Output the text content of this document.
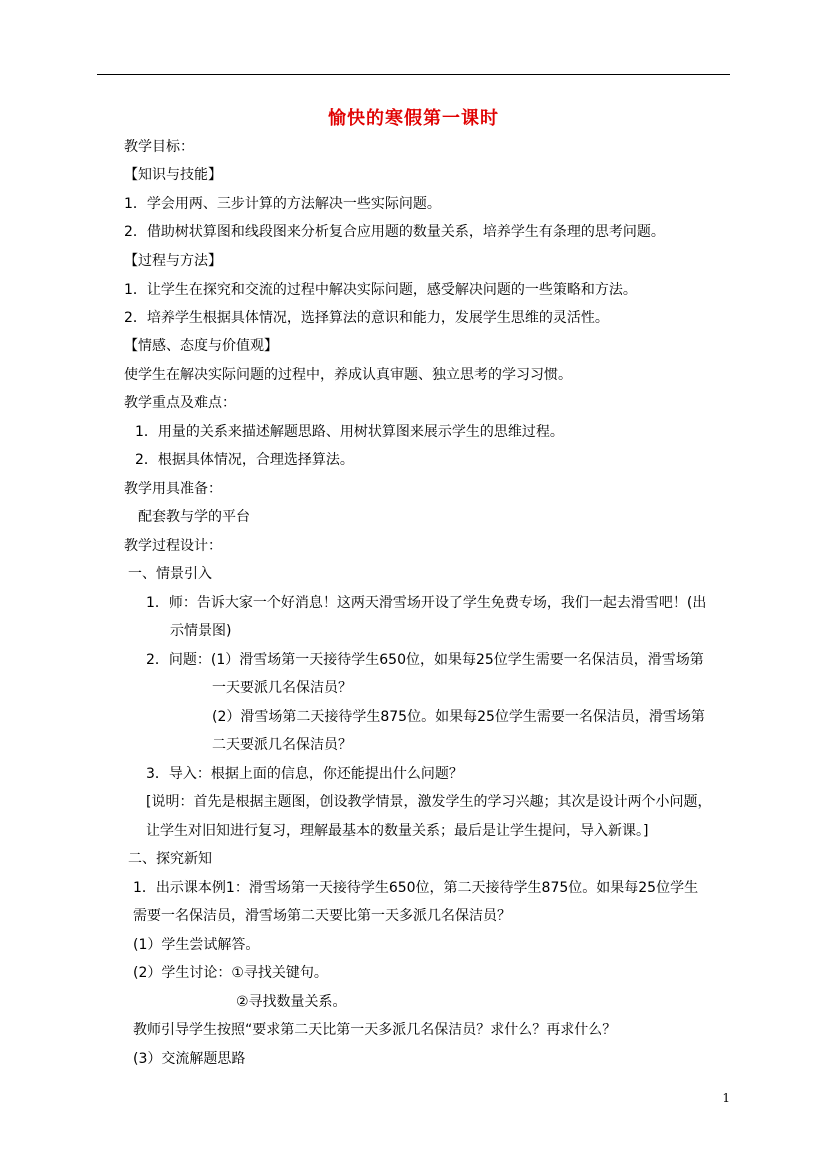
愉快的寒假第一课时
教学目标：
【知识与技能】
1．学会用两、三步计算的方法解决一些实际问题。
2．借助树状算图和线段图来分析复合应用题的数量关系，培养学生有条理的思考问题。
【过程与方法】
1．让学生在探究和交流的过程中解决实际问题，感受解决问题的一些策略和方法。
2．培养学生根据具体情况，选择算法的意识和能力，发展学生思维的灵活性。
【情感、态度与价值观】
使学生在解决实际问题的过程中，养成认真审题、独立思考的学习习惯。
教学重点及难点：
1．用量的关系来描述解题思路、用树状算图来展示学生的思维过程。
2．根据具体情况，合理选择算法。
教学用具准备：
配套教与学的平台
教学过程设计：
一、情景引入
1．师：告诉大家一个好消息！这两天滑雪场开设了学生免费专场，我们一起去滑雪吧！(出
示情景图)
2．问题：(1）滑雪场第一天接待学生650位，如果每25位学生需要一名保洁员，滑雪场第
一天要派几名保洁员？
(2）滑雪场第二天接待学生875位。如果每25位学生需要一名保洁员，滑雪场第
二天要派几名保洁员？
3．导入：根据上面的信息，你还能提出什么问题？
[说明：首先是根据主题图，创设教学情景，激发学生的学习兴趣；其次是设计两个小问题，
让学生对旧知进行复习，理解最基本的数量关系；最后是让学生提问，导入新课。]
二、探究新知
1．出示课本例1：滑雪场第一天接待学生650位，第二天接待学生875位。如果每25位学生
需要一名保洁员，滑雪场第二天要比第一天多派几名保洁员？
(1）学生尝试解答。
(2）学生讨论：①寻找关键句。
②寻找数量关系。
教师引导学生按照“要求第二天比第一天多派几名保洁员？求什么？再求什么？
(3）交流解题思路
1
